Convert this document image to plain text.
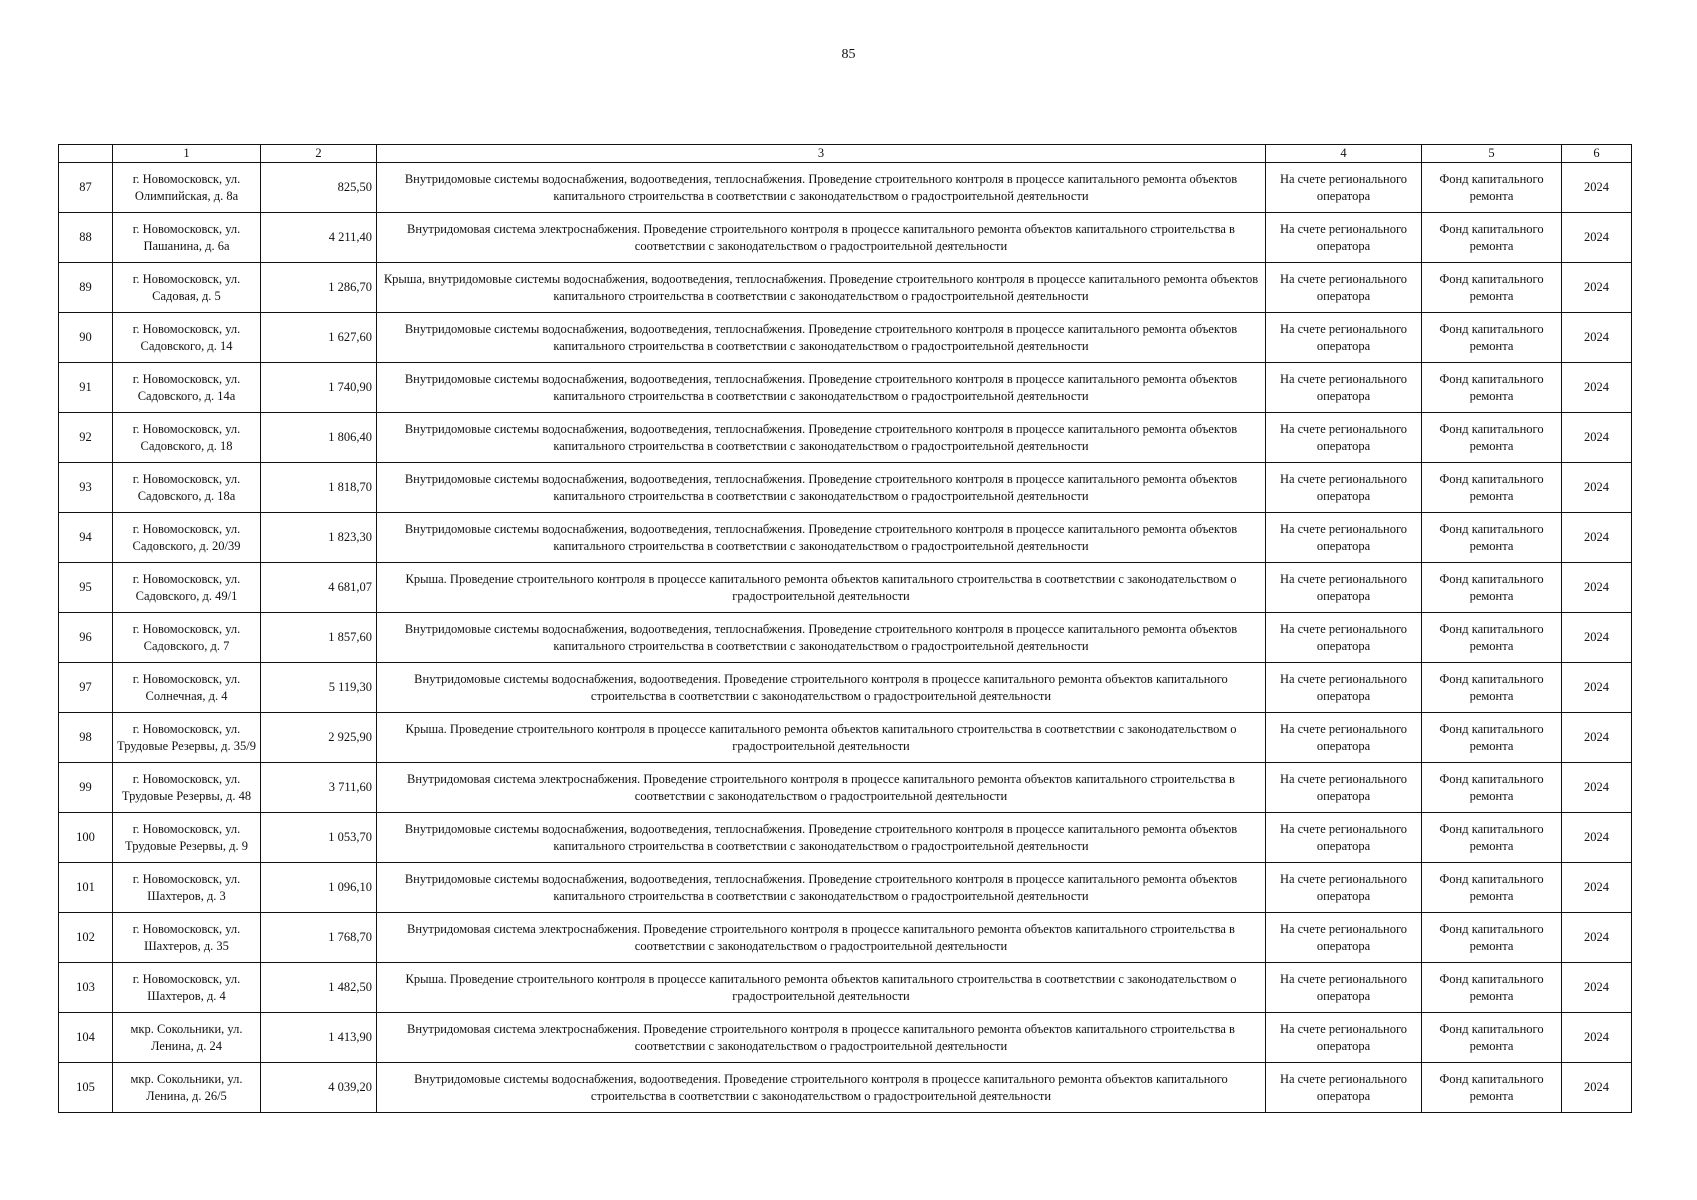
85
	1	2	3	4	5	6
87	г. Новомосковск, ул. Олимпийская, д. 8а	825,50	Внутридомовые системы водоснабжения, водоотведения, теплоснабжения. Проведение строительного контроля в процессе капитального ремонта объектов капитального строительства в соответствии с законодательством о градостроительной деятельности	На счете регионального оператора	Фонд капитального ремонта	2024
88	г. Новомосковск, ул. Пашанина, д. 6а	4 211,40	Внутридомовая система электроснабжения. Проведение строительного контроля в процессе капитального ремонта объектов капитального строительства в соответствии с законодательством о градостроительной деятельности	На счете регионального оператора	Фонд капитального ремонта	2024
89	г. Новомосковск, ул. Садовая, д. 5	1 286,70	Крыша, внутридомовые системы водоснабжения, водоотведения, теплоснабжения. Проведение строительного контроля в процессе капитального ремонта объектов капитального строительства в соответствии с законодательством о градостроительной деятельности	На счете регионального оператора	Фонд капитального ремонта	2024
90	г. Новомосковск, ул. Садовского, д. 14	1 627,60	Внутридомовые системы водоснабжения, водоотведения, теплоснабжения. Проведение строительного контроля в процессе капитального ремонта объектов капитального строительства в соответствии с законодательством о градостроительной деятельности	На счете регионального оператора	Фонд капитального ремонта	2024
91	г. Новомосковск, ул. Садовского, д. 14а	1 740,90	Внутридомовые системы водоснабжения, водоотведения, теплоснабжения. Проведение строительного контроля в процессе капитального ремонта объектов капитального строительства в соответствии с законодательством о градостроительной деятельности	На счете регионального оператора	Фонд капитального ремонта	2024
92	г. Новомосковск, ул. Садовского, д. 18	1 806,40	Внутридомовые системы водоснабжения, водоотведения, теплоснабжения. Проведение строительного контроля в процессе капитального ремонта объектов капитального строительства в соответствии с законодательством о градостроительной деятельности	На счете регионального оператора	Фонд капитального ремонта	2024
93	г. Новомосковск, ул. Садовского, д. 18а	1 818,70	Внутридомовые системы водоснабжения, водоотведения, теплоснабжения. Проведение строительного контроля в процессе капитального ремонта объектов капитального строительства в соответствии с законодательством о градостроительной деятельности	На счете регионального оператора	Фонд капитального ремонта	2024
94	г. Новомосковск, ул. Садовского, д. 20/39	1 823,30	Внутридомовые системы водоснабжения, водоотведения, теплоснабжения. Проведение строительного контроля в процессе капитального ремонта объектов капитального строительства в соответствии с законодательством о градостроительной деятельности	На счете регионального оператора	Фонд капитального ремонта	2024
95	г. Новомосковск, ул. Садовского, д. 49/1	4 681,07	Крыша. Проведение строительного контроля в процессе капитального ремонта объектов капитального строительства в соответствии с законодательством о градостроительной деятельности	На счете регионального оператора	Фонд капитального ремонта	2024
96	г. Новомосковск, ул. Садовского, д. 7	1 857,60	Внутридомовые системы водоснабжения, водоотведения, теплоснабжения. Проведение строительного контроля в процессе капитального ремонта объектов капитального строительства в соответствии с законодательством о градостроительной деятельности	На счете регионального оператора	Фонд капитального ремонта	2024
97	г. Новомосковск, ул. Солнечная, д. 4	5 119,30	Внутридомовые системы водоснабжения, водоотведения. Проведение строительного контроля в процессе капитального ремонта объектов капитального строительства в соответствии с законодательством о градостроительной деятельности	На счете регионального оператора	Фонд капитального ремонта	2024
98	г. Новомосковск, ул. Трудовые Резервы, д. 35/9	2 925,90	Крыша. Проведение строительного контроля в процессе капитального ремонта объектов капитального строительства в соответствии с законодательством о градостроительной деятельности	На счете регионального оператора	Фонд капитального ремонта	2024
99	г. Новомосковск, ул. Трудовые Резервы, д. 48	3 711,60	Внутридомовая система электроснабжения. Проведение строительного контроля в процессе капитального ремонта объектов капитального строительства в соответствии с законодательством о градостроительной деятельности	На счете регионального оператора	Фонд капитального ремонта	2024
100	г. Новомосковск, ул. Трудовые Резервы, д. 9	1 053,70	Внутридомовые системы водоснабжения, водоотведения, теплоснабжения. Проведение строительного контроля в процессе капитального ремонта объектов капитального строительства в соответствии с законодательством о градостроительной деятельности	На счете регионального оператора	Фонд капитального ремонта	2024
101	г. Новомосковск, ул. Шахтеров, д. 3	1 096,10	Внутридомовые системы водоснабжения, водоотведения, теплоснабжения. Проведение строительного контроля в процессе капитального ремонта объектов капитального строительства в соответствии с законодательством о градостроительной деятельности	На счете регионального оператора	Фонд капитального ремонта	2024
102	г. Новомосковск, ул. Шахтеров, д. 35	1 768,70	Внутридомовая система электроснабжения. Проведение строительного контроля в процессе капитального ремонта объектов капитального строительства в соответствии с законодательством о градостроительной деятельности	На счете регионального оператора	Фонд капитального ремонта	2024
103	г. Новомосковск, ул. Шахтеров, д. 4	1 482,50	Крыша. Проведение строительного контроля в процессе капитального ремонта объектов капитального строительства в соответствии с законодательством о градостроительной деятельности	На счете регионального оператора	Фонд капитального ремонта	2024
104	мкр. Сокольники, ул. Ленина, д. 24	1 413,90	Внутридомовая система электроснабжения. Проведение строительного контроля в процессе капитального ремонта объектов капитального строительства в соответствии с законодательством о градостроительной деятельности	На счете регионального оператора	Фонд капитального ремонта	2024
105	мкр. Сокольники, ул. Ленина, д. 26/5	4 039,20	Внутридомовые системы водоснабжения, водоотведения. Проведение строительного контроля в процессе капитального ремонта объектов капитального строительства в соответствии с законодательством о градостроительной деятельности	На счете регионального оператора	Фонд капитального ремонта	2024
